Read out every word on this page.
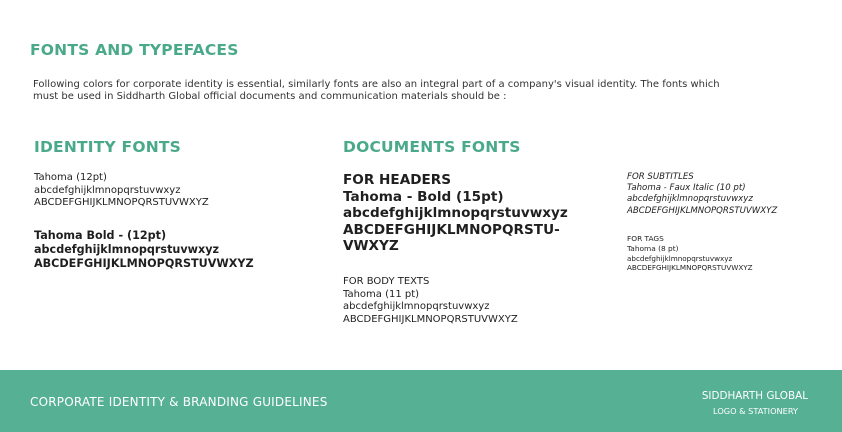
FONTS AND TYPEFACES
Following colors for corporate identity is essential, similarly fonts are also an integral part of a company's visual identity. The fonts which
must be used in Siddharth Global official documents and communication materials should be :
IDENTITY FONTS
Tahoma (12pt)
abcdefghijklmnopqrstuvwxyz
ABCDEFGHIJKLMNOPQRSTUVWXYZ
Tahoma Bold - (12pt)
abcdefghijklmnopqrstuvwxyz
ABCDEFGHIJKLMNOPQRSTUVWXYZ
DOCUMENTS FONTS
FOR HEADERS
Tahoma - Bold (15pt)
abcdefghijklmnopqrstuvwxyz
ABCDEFGHIJKLMNOPQRSTU-
VWXYZ
FOR BODY TEXTS
Tahoma (11 pt)
abcdefghijklmnopqrstuvwxyz
ABCDEFGHIJKLMNOPQRSTUVWXYZ
FOR SUBTITLES
Tahoma - Faux Italic (10 pt)
abcdefghijklmnopqrstuvwxyz
ABCDEFGHIJKLMNOPQRSTUVWXYZ
FOR TAGS
Tahoma (8 pt)
abcdefghijklmnopqrstuvwxyz
ABCDEFGHIJKLMNOPQRSTUVWXYZ
CORPORATE IDENTITY & BRANDING GUIDELINES	SIDDHARTH GLOBAL
LOGO & STATIONERY
